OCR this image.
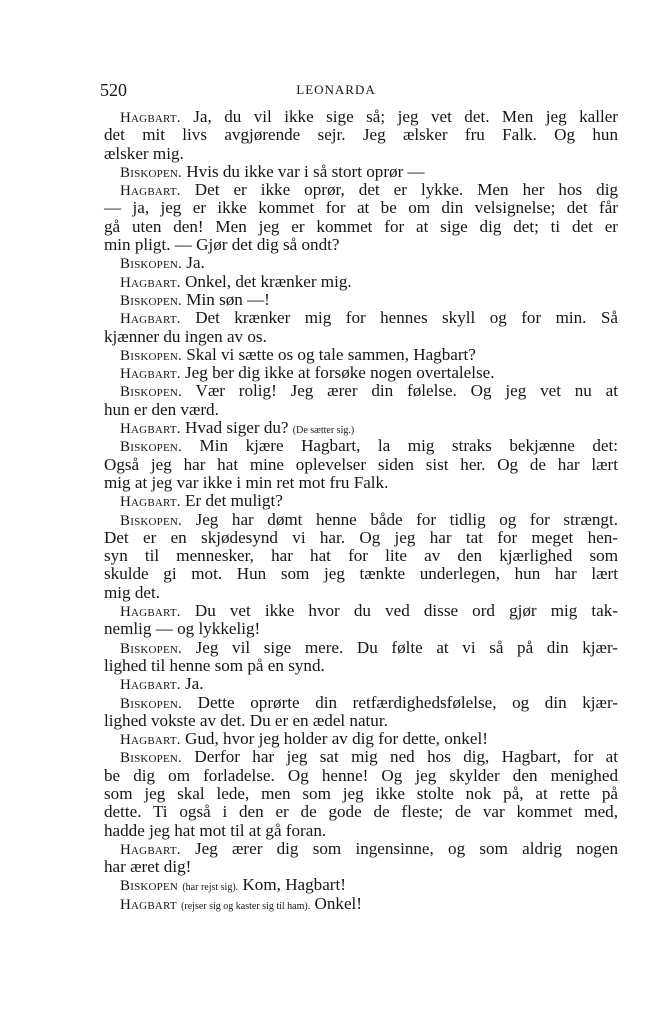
520	LEONARDA
Hagbart. Ja, du vil ikke sige så; jeg vet det. Men jeg kaller
det mit livs avgjørende sejr. Jeg ælsker fru Falk. Og hun
ælsker mig.
Biskopen. Hvis du ikke var i så stort oprør —
Hagbart. Det er ikke oprør, det er lykke. Men her hos dig
— ja, jeg er ikke kommet for at be om din velsignelse; det får
gå uten den! Men jeg er kommet for at sige dig det; ti det er
min pligt. — Gjør det dig så ondt?
Biskopen. Ja.
Hagbart. Onkel, det krænker mig.
Biskopen. Min søn —!
Hagbart. Det krænker mig for hennes skyll og for min. Så
kjænner du ingen av os.
Biskopen. Skal vi sætte os og tale sammen, Hagbart?
Hagbart. Jeg ber dig ikke at forsøke nogen overtalelse.
Biskopen. Vær rolig! Jeg ærer din følelse. Og jeg vet nu at
hun er den værd.
Hagbart. Hvad siger du? (De sætter sig.)
Biskopen. Min kjære Hagbart, la mig straks bekjænne det:
Også jeg har hat mine oplevelser siden sist her. Og de har lært
mig at jeg var ikke i min ret mot fru Falk.
Hagbart. Er det muligt?
Biskopen. Jeg har dømt henne både for tidlig og for strængt.
Det er en skjødesynd vi har. Og jeg har tat for meget hen-
syn til mennesker, har hat for lite av den kjærlighed som
skulde gi mot. Hun som jeg tænkte underlegen, hun har lært
mig det.
Hagbart. Du vet ikke hvor du ved disse ord gjør mig tak-
nemlig — og lykkelig!
Biskopen. Jeg vil sige mere. Du følte at vi så på din kjær-
lighed til henne som på en synd.
Hagbart. Ja.
Biskopen. Dette oprørte din retfærdighedsfølelse, og din kjær-
lighed vokste av det. Du er en ædel natur.
Hagbart. Gud, hvor jeg holder av dig for dette, onkel!
Biskopen. Derfor har jeg sat mig ned hos dig, Hagbart, for at
be dig om forladelse. Og henne! Og jeg skylder den menighed
som jeg skal lede, men som jeg ikke stolte nok på, at rette på
dette. Ti også i den er de gode de fleste; de var kommet med,
hadde jeg hat mot til at gå foran.
Hagbart. Jeg ærer dig som ingensinne, og som aldrig nogen
har æret dig!
Biskopen (har rejst sig). Kom, Hagbart!
Hagbart (rejser sig og kaster sig til ham). Onkel!
